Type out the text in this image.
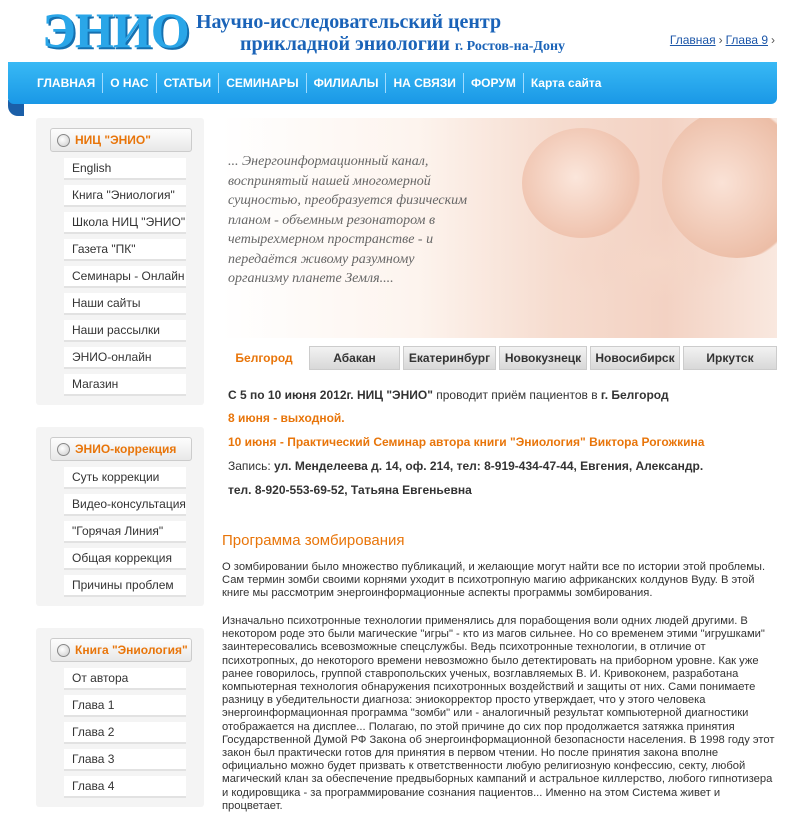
ЭНИО Научно-исследовательский центр
прикладной эниологии г. Ростов-на-Дону	Главная › Глава 9 ›
ГЛАВНАЯ	О НАС	СТАТЬИ	СЕМИНАРЫ	ФИЛИАЛЫ	НА СВЯЗИ	ФОРУМ	Карта сайта
НИЦ "ЭНИО"
English
Книга "Эниология"
Школа НИЦ "ЭНИО"
Газета "ПК"
Семинары - Онлайн
Наши сайты
Наши рассылки
ЭНИО-онлайн
Магазин
ЭНИО-коррекция
Суть коррекции
Видео-консультация
"Горячая Линия"
Общая коррекция
Причины проблем
Книга "Эниология"
От автора
Глава 1
Глава 2
Глава 3
Глава 4
... Энергоинформационный канал, воспринятый нашей многомерной сущностью, преобразуется физическим планом - объемным резонатором в четырехмерном пространстве - и передаётся живому разумному организму планете Земля....
Белгород	Абакан	Екатеринбург	Новокузнецк	Новосибирск	Иркутск
С 5 по 10 июня 2012г. НИЦ "ЭНИО" проводит приём пациентов в г. Белгород
8 июня - выходной.
10 июня - Практический Семинар автора книги "Эниология" Виктора Рогожкина
Запись: ул. Менделеева д. 14, оф. 214, тел: 8-919-434-47-44, Евгения, Александр.
тел. 8-920-553-69-52, Татьяна Евгеньевна
Программа зомбирования
О зомбировании было множество публикаций, и желающие могут найти все по истории этой проблемы. Сам термин зомби своими корнями уходит в психотропную магию африканских колдунов Вуду. В этой книге мы рассмотрим энергоинформационные аспекты программы зомбирования.
Изначально психотронные технологии применялись для порабощения воли одних людей другими. В некотором роде это были магические "игры" - кто из магов сильнее. Но со временем этими "игрушками" заинтересовались всевозможные спецслужбы. Ведь психотронные технологии, в отличие от психотропных, до некоторого времени невозможно было детектировать на приборном уровне. Как уже ранее говорилось, группой ставропольских ученых, возглавляемых В. И. Кривоконем, разработана компьютерная технология обнаружения психотронных воздействий и защиты от них. Сами понимаете разницу в убедительности диагноза: эниокорректор просто утверждает, что у этого человека энергоинформационная программа "зомби" или - аналогичный результат компьютерной диагностики отображается на дисплее... Полагаю, по этой причине до сих пор продолжается затяжка принятия Государственной Думой РФ Закона об энергоинформационной безопасности населения. В 1998 году этот закон был практически готов для принятия в первом чтении. Но после принятия закона вполне официально можно будет призвать к ответственности любую религиозную конфессию, секту, любой магический клан за обеспечение предвыборных кампаний и астральное киллерство, любого гипнотизера и кодировщика - за программирование сознания пациентов... Именно на этом Система живет и процветает.
